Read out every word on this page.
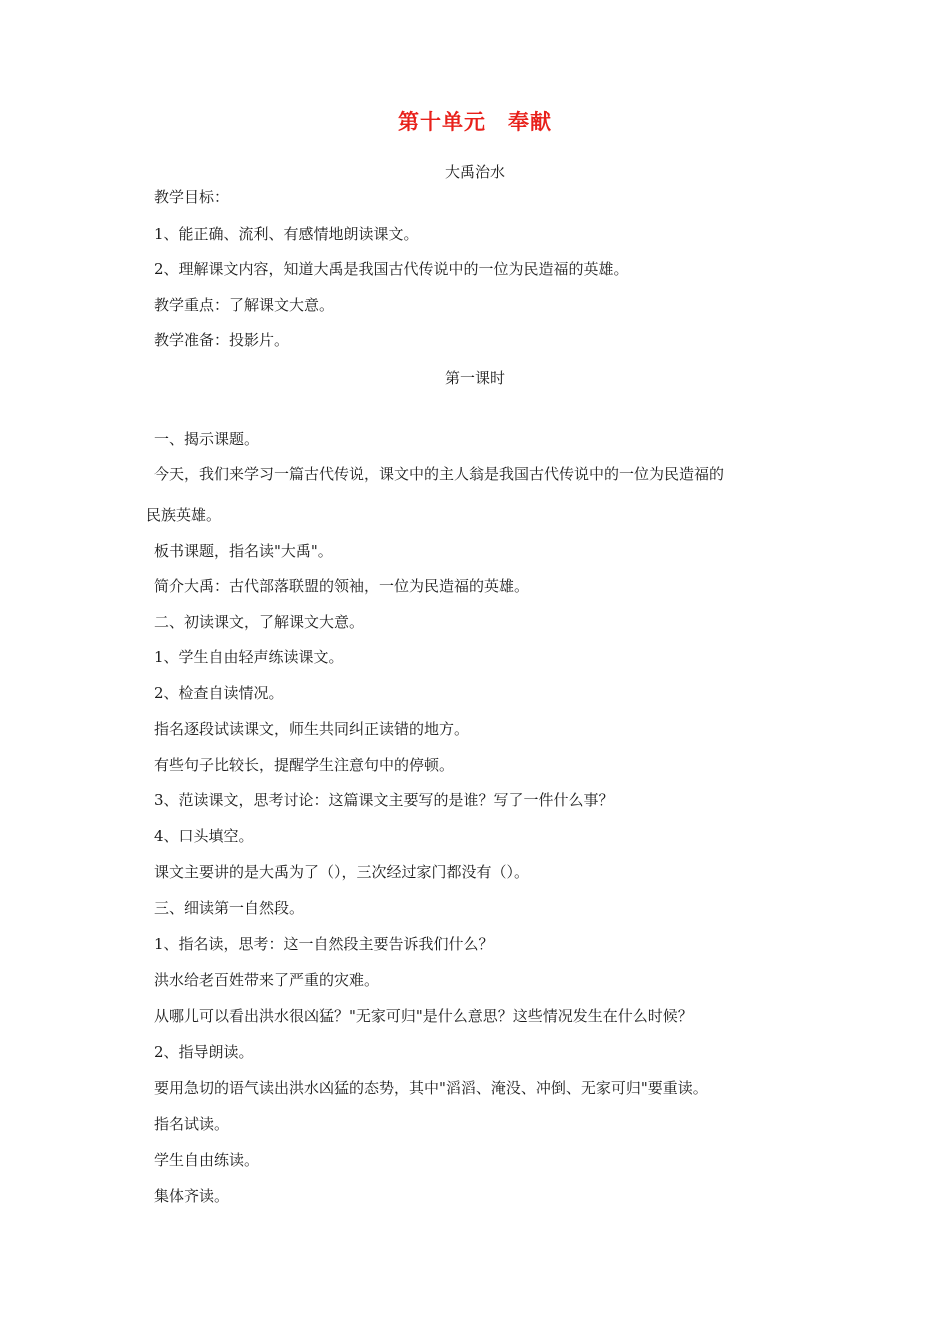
第十单元　奉献
大禹治水
教学目标：
1、能正确、流利、有感情地朗读课文。
2、理解课文内容，知道大禹是我国古代传说中的一位为民造福的英雄。
教学重点：了解课文大意。
教学准备：投影片。
第一课时
一、揭示课题。
今天，我们来学习一篇古代传说，课文中的主人翁是我国古代传说中的一位为民造福的
民族英雄。
板书课题，指名读"大禹"。
简介大禹：古代部落联盟的领袖，一位为民造福的英雄。
二、初读课文，了解课文大意。
1、学生自由轻声练读课文。
2、检查自读情况。
指名逐段试读课文，师生共同纠正读错的地方。
有些句子比较长，提醒学生注意句中的停顿。
3、范读课文，思考讨论：这篇课文主要写的是谁？写了一件什么事？
4、口头填空。
课文主要讲的是大禹为了（），三次经过家门都没有（）。
三、细读第一自然段。
1、指名读，思考：这一自然段主要告诉我们什么？
洪水给老百姓带来了严重的灾难。
从哪儿可以看出洪水很凶猛？"无家可归"是什么意思？这些情况发生在什么时候？
2、指导朗读。
要用急切的语气读出洪水凶猛的态势，其中"滔滔、淹没、冲倒、无家可归"要重读。
指名试读。
学生自由练读。
集体齐读。
